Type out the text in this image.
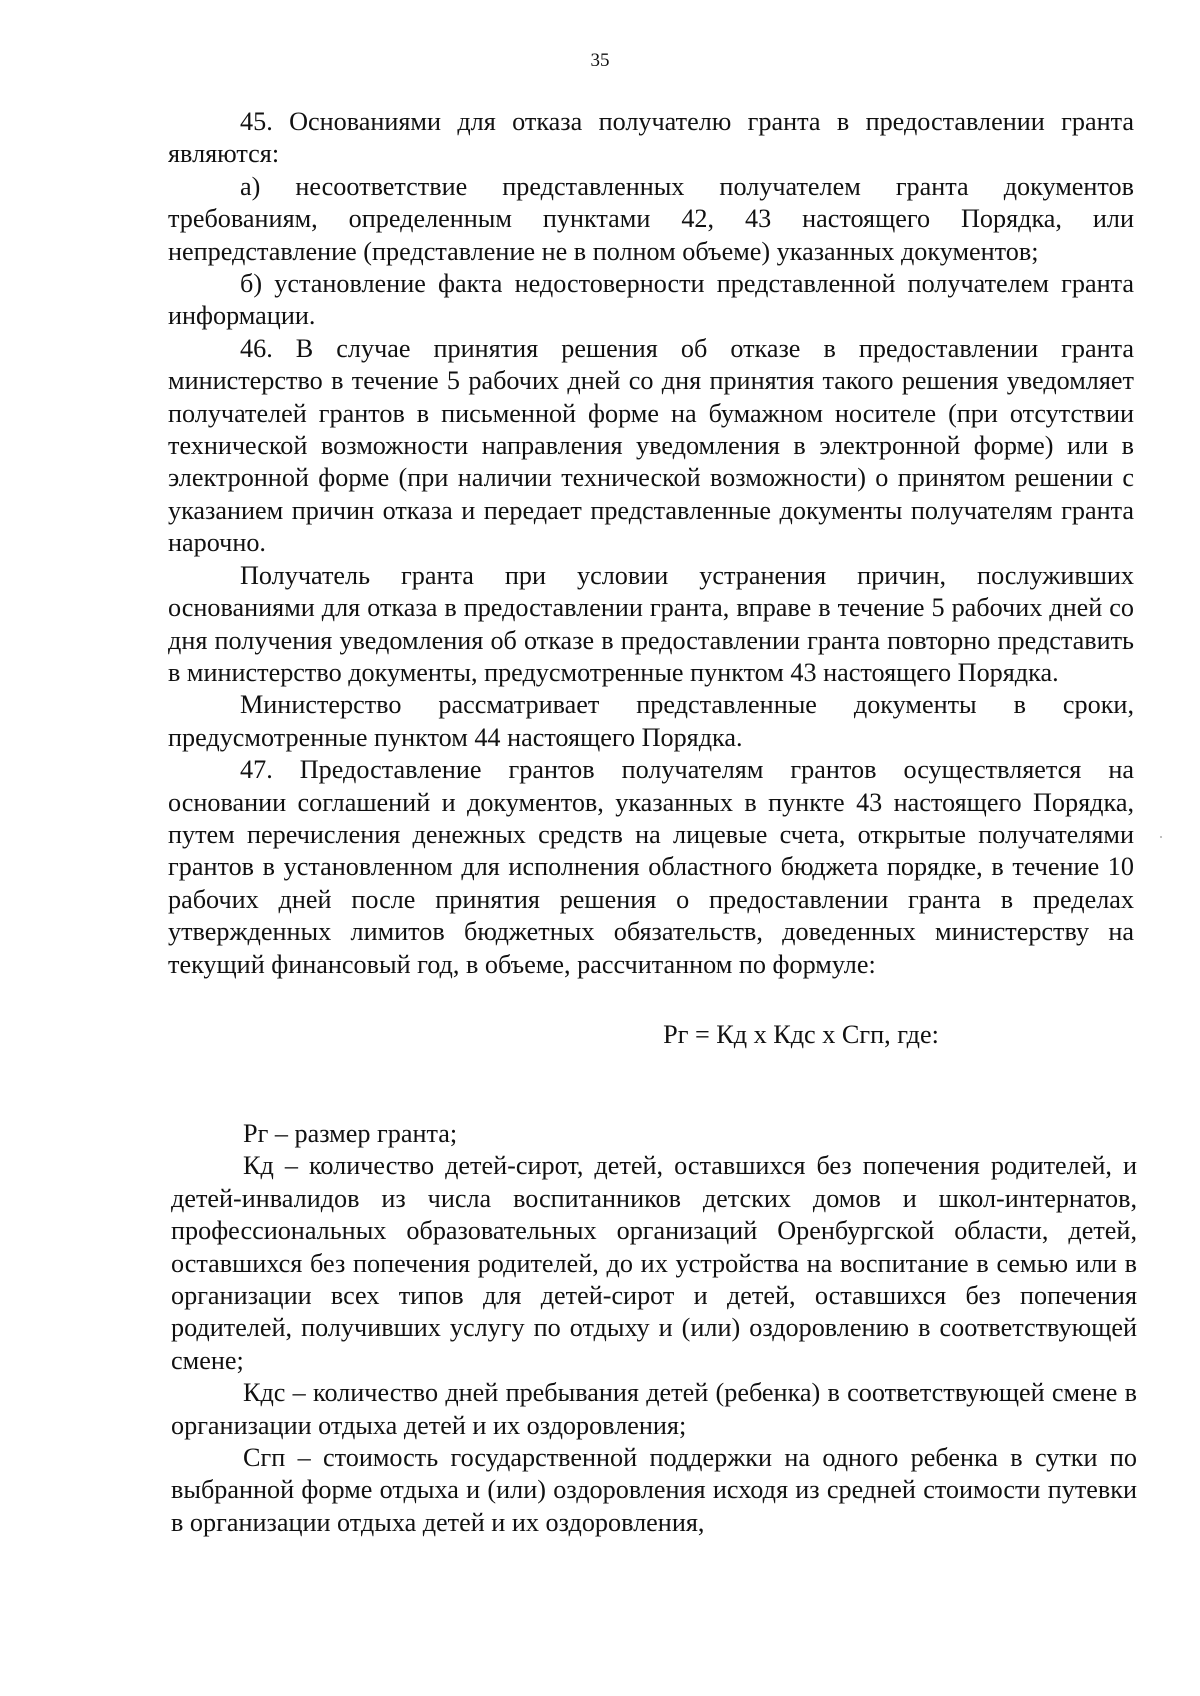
35

45. Основаниями для отказа получателю гранта в предоставлении гранта являются:

а) несоответствие представленных получателем гранта документов требованиям, определенным пунктами 42, 43 настоящего Порядка, или непредставление (представление не в полном объеме) указанных документов;

б) установление факта недостоверности представленной получателем гранта информации.

46. В случае принятия решения об отказе в предоставлении гранта министерство в течение 5 рабочих дней со дня принятия такого решения уведомляет получателей грантов в письменной форме на бумажном носителе (при отсутствии технической возможности направления уведомления в электронной форме) или в электронной форме (при наличии технической возможности) о принятом решении с указанием причин отказа и передает представленные документы получателям гранта нарочно.

Получатель гранта при условии устранения причин, послуживших основаниями для отказа в предоставлении гранта, вправе в течение 5 рабочих дней со дня получения уведомления об отказе в предоставлении гранта повторно представить в министерство документы, предусмотренные пунктом 43 настоящего Порядка.

Министерство рассматривает представленные документы в сроки, предусмотренные пунктом 44 настоящего Порядка.

47. Предоставление грантов получателям грантов осуществляется на основании соглашений и документов, указанных в пункте 43 настоящего Порядка, путем перечисления денежных средств на лицевые счета, открытые получателями грантов в установленном для исполнения областного бюджета порядке, в течение 10 рабочих дней после принятия решения о предоставлении гранта в пределах утвержденных лимитов бюджетных обязательств, доведенных министерству на текущий финансовый год, в объеме, рассчитанном по формуле:

Рг = Кд х Кдс х Сгп, где:

Рг – размер гранта;

Кд – количество детей-сирот, детей, оставшихся без попечения родителей, и детей-инвалидов из числа воспитанников детских домов и школ-интернатов, профессиональных образовательных организаций Оренбургской области, детей, оставшихся без попечения родителей, до их устройства на воспитание в семью или в организации всех типов для детей-сирот и детей, оставшихся без попечения родителей, получивших услугу по отдыху и (или) оздоровлению в соответствующей смене;

Кдс – количество дней пребывания детей (ребенка) в соответствующей смене в организации отдыха детей и их оздоровления;

Сгп – стоимость государственной поддержки на одного ребенка в сутки по выбранной форме отдыха и (или) оздоровления исходя из средней стоимости путевки в организации отдыха детей и их оздоровления,
